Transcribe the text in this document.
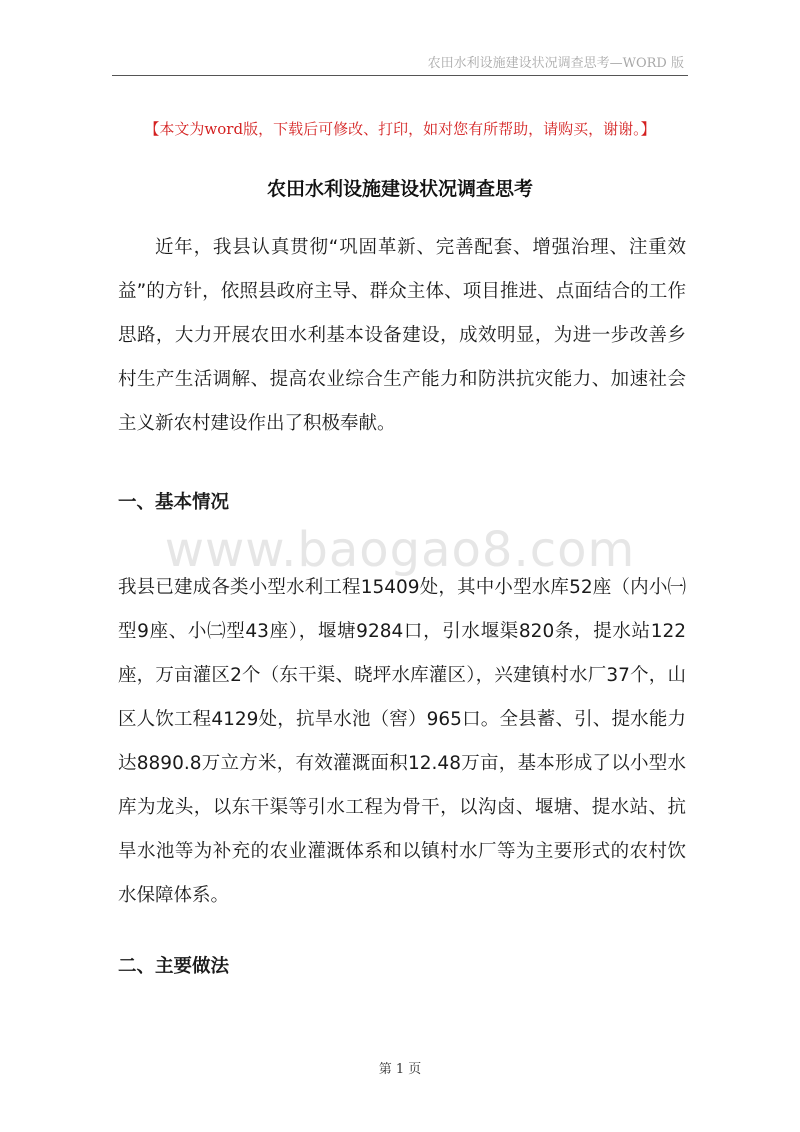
农田水利设施建设状况调查思考—WORD 版
【本文为word版，下载后可修改、打印，如对您有所帮助，请购买，谢谢。】
农田水利设施建设状况调查思考

近年，我县认真贯彻“巩固革新、完善配套、增强治理、注重效益”的方针，依照县政府主导、群众主体、项目推进、点面结合的工作思路，大力开展农田水利基本设备建设，成效明显，为进一步改善乡村生产生活调解、提高农业综合生产能力和防洪抗灾能力、加速社会主义新农村建设作出了积极奉献。

一、基本情况
www.baogao8.com

我县已建成各类小型水利工程15409处，其中小型水库52座（内小㈠型9座、小㈡型43座），堰塘9284口，引水堰渠820条，提水站122座，万亩灌区2个（东干渠、晓坪水库灌区），兴建镇村水厂37个，山区人饮工程4129处，抗旱水池（窖）965口。全县蓄、引、提水能力达8890.8万立方米，有效灌溉面积12.48万亩，基本形成了以小型水库为龙头，以东干渠等引水工程为骨干，以沟卤、堰塘、提水站、抗旱水池等为补充的农业灌溉体系和以镇村水厂等为主要形式的农村饮水保障体系。

二、主要做法
第 1 页
